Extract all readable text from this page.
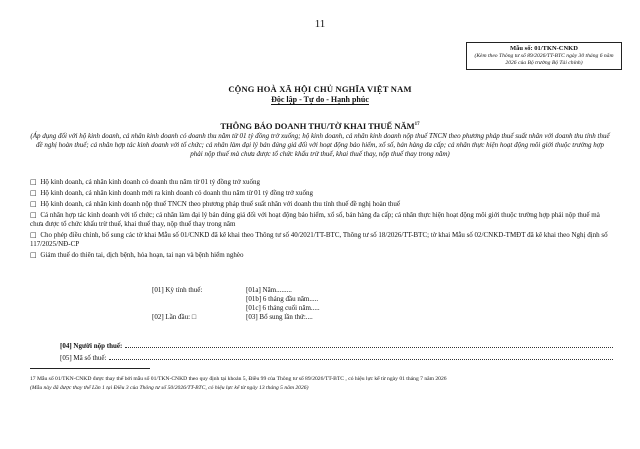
11
Mẫu số: 01/TKN-CNKD
(Kèm theo Thông tư số 89/2026/TT-BTC ngày 30 tháng 6 năm 2026 của Bộ trưởng Bộ Tài chính)
CỘNG HOÀ XÃ HỘI CHỦ NGHĨA VIỆT NAM
Độc lập - Tự do - Hạnh phúc
THÔNG BÁO DOANH THU/TỜ KHAI THUẾ NĂM$^{17}$
(Áp dụng đối với hộ kinh doanh, cá nhân kinh doanh có doanh thu năm từ 01 tỷ đồng trở xuống; hộ kinh doanh, cá nhân kinh doanh nộp thuế TNCN theo phương pháp thuế suất nhân với doanh thu tính thuế đề nghị hoàn thuế; cá nhân hợp tác kinh doanh với tổ chức; cá nhân làm đại lý bán đúng giá đối với hoạt động bảo hiểm, xổ số, bán hàng đa cấp; cá nhân thực hiện hoạt động môi giới thuộc trường hợp phải nộp thuế mà chưa được tổ chức khấu trừ thuế, khai thuế thay, nộp thuế thay trong năm)
□ Hộ kinh doanh, cá nhân kinh doanh có doanh thu năm từ 01 tỷ đồng trở xuống
□ Hộ kinh doanh, cá nhân kinh doanh mới ra kinh doanh có doanh thu năm từ 01 tỷ đồng trở xuống
□ Hộ kinh doanh, cá nhân kinh doanh nộp thuế TNCN theo phương pháp thuế suất nhân với doanh thu tính thuế đề nghị hoàn thuế
□ Cá nhân hợp tác kinh doanh với tổ chức; cá nhân làm đại lý bán đúng giá đối với hoạt động bảo hiểm, xổ số, bán hàng đa cấp; cá nhân thực hiện hoạt động môi giới thuộc trường hợp phải nộp thuế mà chưa được tổ chức khấu trừ thuế, khai thuế thay, nộp thuế thay trong năm
□ Cho phép điều chỉnh, bổ sung các tờ khai Mẫu số 01/CNKD đã kê khai theo Thông tư số 40/2021/TT-BTC, Thông tư số 18/2026/TT-BTC; tờ khai Mẫu số 02/CNKD-TMĐT đã kê khai theo Nghị định số 117/2025/NĐ-CP
□ Giảm thuế do thiên tai, dịch bệnh, hỏa hoạn, tai nạn và bệnh hiểm nghèo
[01] Kỳ tính thuế:	[01a] Năm.........
[01b] 6 tháng đầu năm.....
[01c] 6 tháng cuối năm.....
[02] Lần đầu: □	[03] Bổ sung lần thứ:....
[04] Người nộp thuế:
[05] Mã số thuế:
17 Mẫu số 01/TKN-CNKD được thay thế bởi mẫu số 01/TKN-CNKD theo quy định tại khoản 5, Điều 99 của Thông tư số 89/2026/TT-BTC , có hiệu lực kể từ ngày 01 tháng 7 năm 2026
(Mẫu này đã được thay thế Lần 1 tại Điều 3 của Thông tư số 50/2026/TT-BTC, có hiệu lực kể từ ngày 13 tháng 5 năm 2026)
